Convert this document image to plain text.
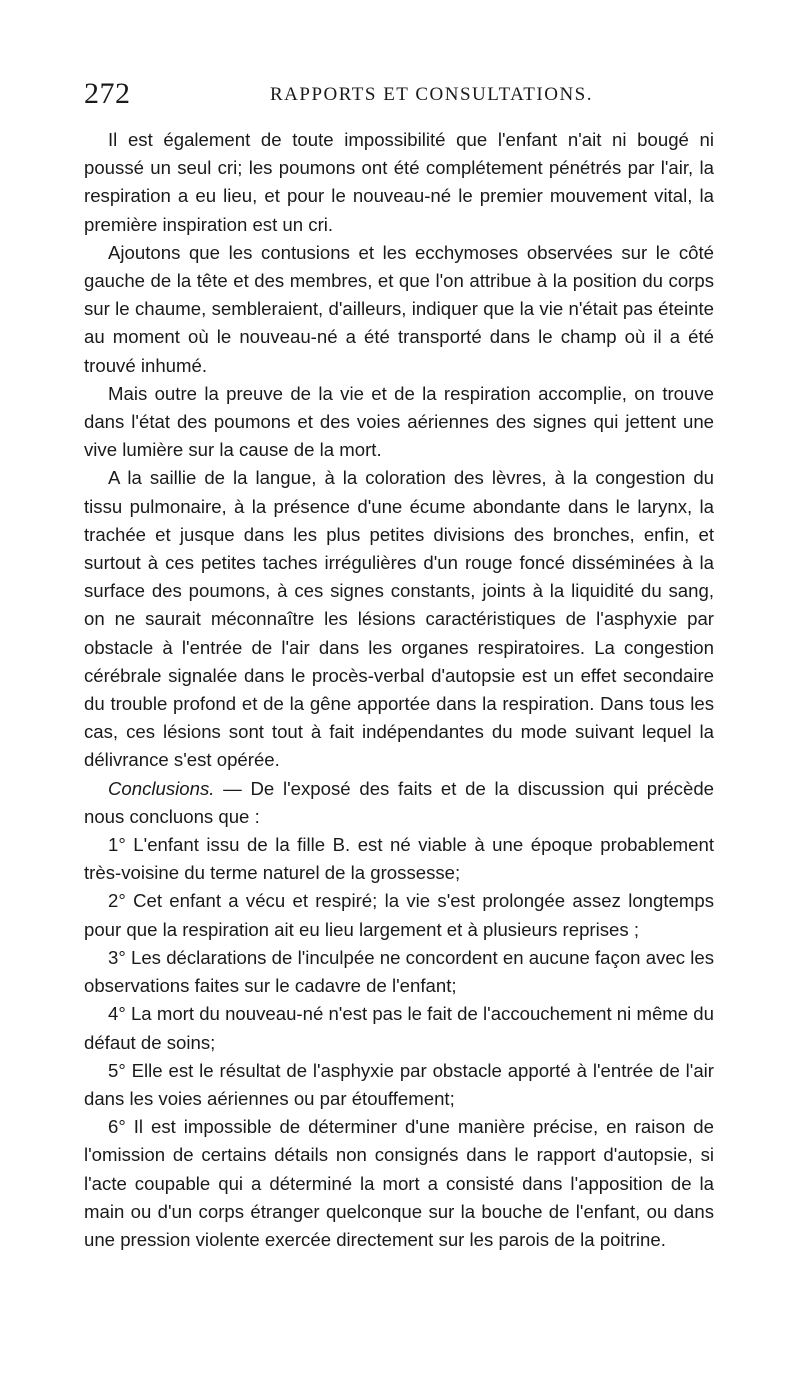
272	RAPPORTS ET CONSULTATIONS.

Il est également de toute impossibilité que l'enfant n'ait ni bougé ni poussé un seul cri; les poumons ont été complétement pénétrés par l'air, la respiration a eu lieu, et pour le nouveau-né le premier mouvement vital, la première inspiration est un cri.

Ajoutons que les contusions et les ecchymoses observées sur le côté gauche de la tête et des membres, et que l'on attribue à la position du corps sur le chaume, sembleraient, d'ailleurs, indiquer que la vie n'était pas éteinte au moment où le nouveau-né a été transporté dans le champ où il a été trouvé inhumé.

Mais outre la preuve de la vie et de la respiration accomplie, on trouve dans l'état des poumons et des voies aériennes des signes qui jettent une vive lumière sur la cause de la mort.

A la saillie de la langue, à la coloration des lèvres, à la congestion du tissu pulmonaire, à la présence d'une écume abondante dans le larynx, la trachée et jusque dans les plus petites divisions des bronches, enfin, et surtout à ces petites taches irrégulières d'un rouge foncé disséminées à la surface des poumons, à ces signes constants, joints à la liquidité du sang, on ne saurait méconnaître les lésions caractéristiques de l'asphyxie par obstacle à l'entrée de l'air dans les organes respiratoires. La congestion cérébrale signalée dans le procès-verbal d'autopsie est un effet secondaire du trouble profond et de la gêne apportée dans la respiration. Dans tous les cas, ces lésions sont tout à fait indépendantes du mode suivant lequel la délivrance s'est opérée.

Conclusions. — De l'exposé des faits et de la discussion qui précède nous concluons que :

1° L'enfant issu de la fille B. est né viable à une époque probablement très-voisine du terme naturel de la grossesse;

2° Cet enfant a vécu et respiré; la vie s'est prolongée assez longtemps pour que la respiration ait eu lieu largement et à plusieurs reprises ;

3° Les déclarations de l'inculpée ne concordent en aucune façon avec les observations faites sur le cadavre de l'enfant;

4° La mort du nouveau-né n'est pas le fait de l'accouchement ni même du défaut de soins;

5° Elle est le résultat de l'asphyxie par obstacle apporté à l'entrée de l'air dans les voies aériennes ou par étouffement;

6° Il est impossible de déterminer d'une manière précise, en raison de l'omission de certains détails non consignés dans le rapport d'autopsie, si l'acte coupable qui a déterminé la mort a consisté dans l'apposition de la main ou d'un corps étranger quelconque sur la bouche de l'enfant, ou dans une pression violente exercée directement sur les parois de la poitrine.
